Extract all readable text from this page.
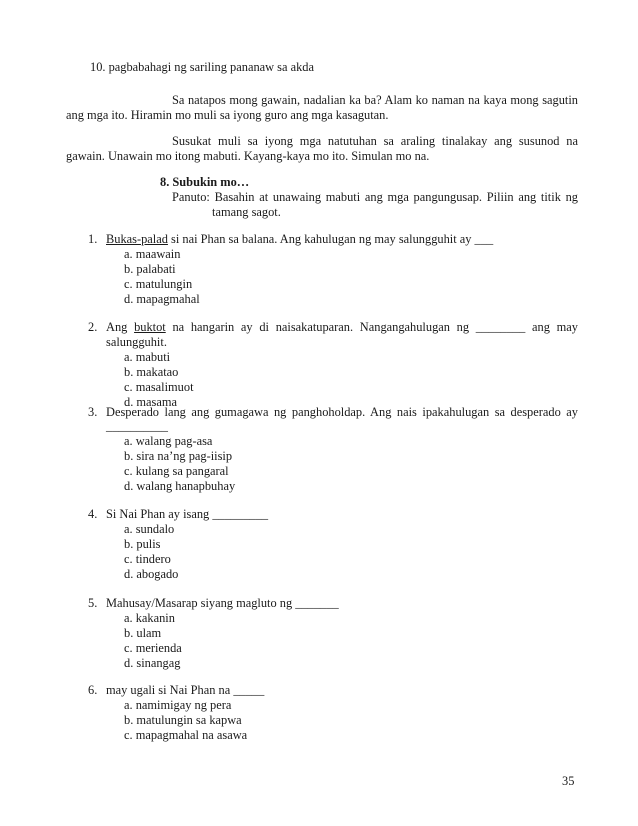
10. pagbabahagi ng sariling pananaw sa akda
Sa natapos mong gawain, nadalian ka ba? Alam ko naman na kaya mong sagutin
ang mga ito. Hiramin mo muli sa iyong guro ang mga kasagutan.
Susukat muli sa iyong mga natutuhan sa araling tinalakay ang susunod na
gawain. Unawain mo itong mabuti. Kayang-kaya mo ito. Simulan mo na.
8. Subukin mo…
Panuto: Basahin at unawaing mabuti ang mga pangungusap. Piliin ang titik ng
tamang sagot.
1. Bukas-palad si nai Phan sa balana. Ang kahulugan ng may salungguhit ay ___
a. maawain
b. palabati
c. matulungin
d. mapagmahal
2. Ang buktot na hangarin ay di naisakatuparan. Nangangahulugan ng ________ ang may
salungguhit.
a. mabuti
b. makatao
c. masalimuot
d. masama
3. Desperado lang ang gumagawa ng panghoholdap. Ang nais ipakahulugan sa desperado ay
__________
a. walang pag-asa
b. sira na’ng pag-iisip
c. kulang sa pangaral
d. walang hanapbuhay
4. Si Nai Phan ay isang _________
a. sundalo
b. pulis
c. tindero
d. abogado
5. Mahusay/Masarap siyang magluto ng _______
a. kakanin
b. ulam
c. merienda
d. sinangag
6. may ugali si Nai Phan na _____
a. namimigay ng pera
b. matulungin sa kapwa
c. mapagmahal na asawa
35
